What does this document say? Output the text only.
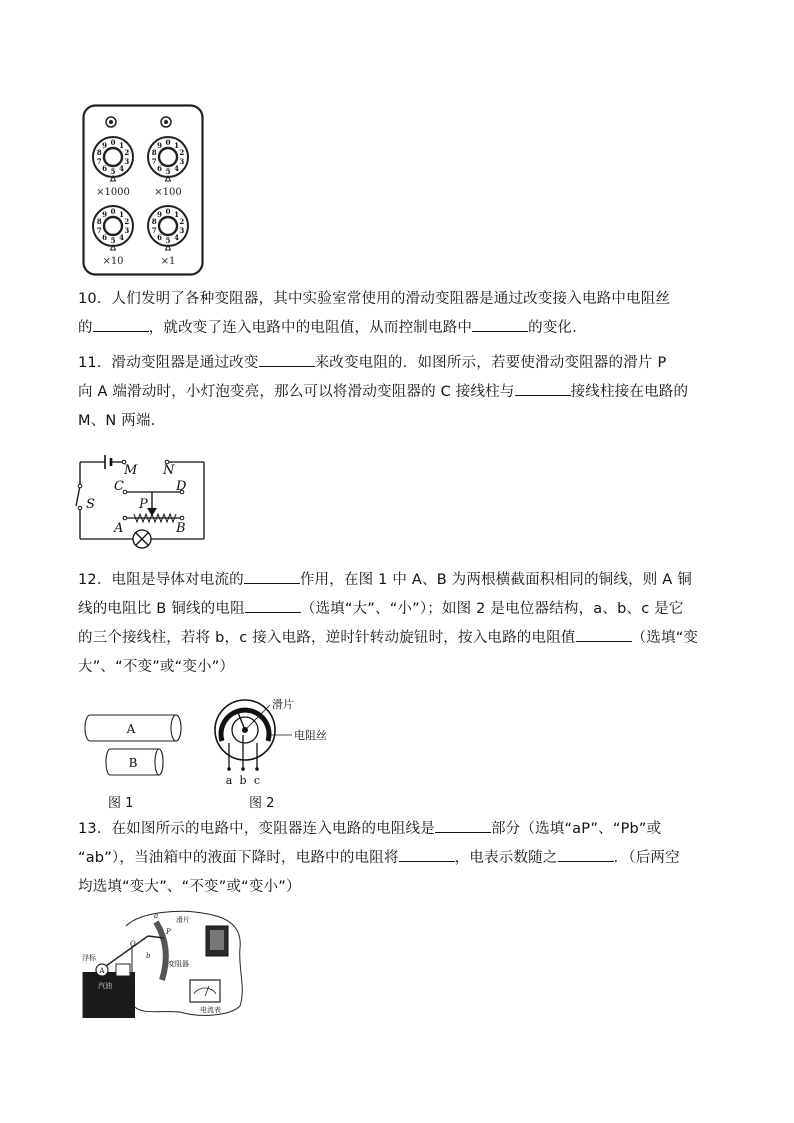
0 1
2
3
4
5
6
7
8
9	0 1
2
3
4
5
6
7
8
9
0 1
2
3
4
5
6
7
8
9	0 1
2
3
4
5
6
7
8
9
×1000 ×100
×10	×1
10．人们发明了各种变阻器，其中实验室常使用的滑动变阻器是通过改变接入电路中电阻丝
的	，就改变了连入电路中的电阻值，从而控制电路中	的变化．
11．滑动变阻器是通过改变	来改变电阻的．如图所示，若要使滑动变阻器的滑片 P
向 A 端滑动时，小灯泡变亮，那么可以将滑动变阻器的 C 接线柱与	接线柱接在电路的
M、N 两端．
M N
C	D
P
A	B
S
12．电阻是导体对电流的	作用，在图 1 中 A、B 为两根横截面积相同的铜线，则 A 铜
线的电阻比 B 铜线的电阻	（选填“大”、“小”）；如图 2 是电位器结构，a、b、c 是它
的三个接线柱，若将 b，c 接入电路，逆时针转动旋钮时，按入电路的电阻值	（选填“变
大”、“不变”或“变小”）
A
B
图 1
滑片
电阻丝
a b c
图 2
13．在如图所示的电路中，变阻器连入电路的电阻线是	部分（选填“aP”、“Pb”或
“ab”），当油箱中的液面下降时，电路中的电阻将	，电表示数随之	．（后两空
均选填“变大”、“不变”或“变小”）
A
浮标
汽油
滑片
变阻器
电流表
a
O
P
b
